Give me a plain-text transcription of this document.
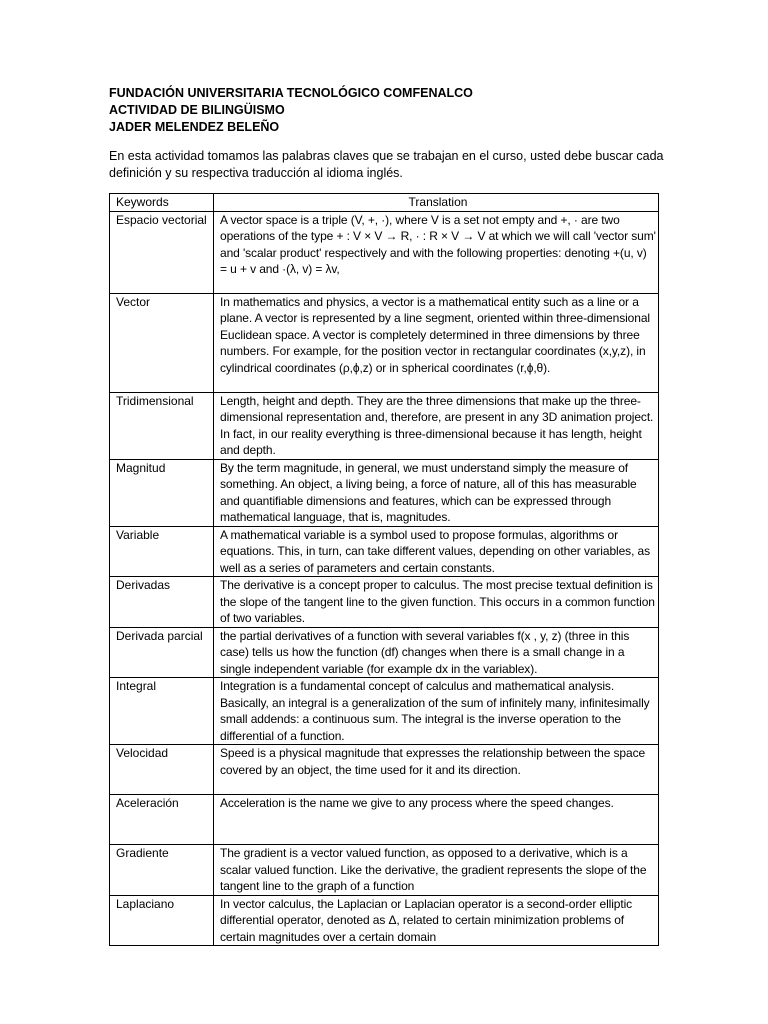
FUNDACIÓN UNIVERSITARIA TECNOLÓGICO COMFENALCO
ACTIVIDAD DE BILINGÜISMO
JADER MELENDEZ BELEÑO
En esta actividad tomamos las palabras claves que se trabajan en el curso, usted debe buscar cada definición y su respectiva traducción al idioma inglés.
Keywords	Translation
Espacio vectorial	A vector space is a triple (V, +, ·), where V is a set not empty and +, · are two operations of the type + : V × V → R, · : R × V → V at which we will call 'vector sum' and 'scalar product' respectively and with the following properties: denoting +(u, v) = u + v and ·(λ, v) = λv,
Vector	In mathematics and physics, a vector is a mathematical entity such as a line or a plane. A vector is represented by a line segment, oriented within three-dimensional Euclidean space. A vector is completely determined in three dimensions by three numbers. For example, for the position vector in rectangular coordinates (x,y,z), in cylindrical coordinates (ρ,ϕ,z) or in spherical coordinates (r,ϕ,θ).
Tridimensional	Length, height and depth. They are the three dimensions that make up the three-dimensional representation and, therefore, are present in any 3D animation project. In fact, in our reality everything is three-dimensional because it has length, height and depth.
Magnitud	By the term magnitude, in general, we must understand simply the measure of something. An object, a living being, a force of nature, all of this has measurable and quantifiable dimensions and features, which can be expressed through mathematical language, that is, magnitudes.
Variable	A mathematical variable is a symbol used to propose formulas, algorithms or equations. This, in turn, can take different values, depending on other variables, as well as a series of parameters and certain constants.
Derivadas	The derivative is a concept proper to calculus. The most precise textual definition is the slope of the tangent line to the given function. This occurs in a common function of two variables.
Derivada parcial	the partial derivatives of a function with several variables f(x , y, z) (three in this case) tells us how the function (df) changes when there is a small change in a single independent variable (for example dx in the variablex).
Integral	Integration is a fundamental concept of calculus and mathematical analysis. Basically, an integral is a generalization of the sum of infinitely many, infinitesimally small addends: a continuous sum. The integral is the inverse operation to the differential of a function.
Velocidad	Speed is a physical magnitude that expresses the relationship between the space covered by an object, the time used for it and its direction.
Aceleración	Acceleration is the name we give to any process where the speed changes.
Gradiente	The gradient is a vector valued function, as opposed to a derivative, which is a scalar valued function. Like the derivative, the gradient represents the slope of the tangent line to the graph of a function
Laplaciano	In vector calculus, the Laplacian or Laplacian operator is a second-order elliptic differential operator, denoted as Δ, related to certain minimization problems of certain magnitudes over a certain domain
